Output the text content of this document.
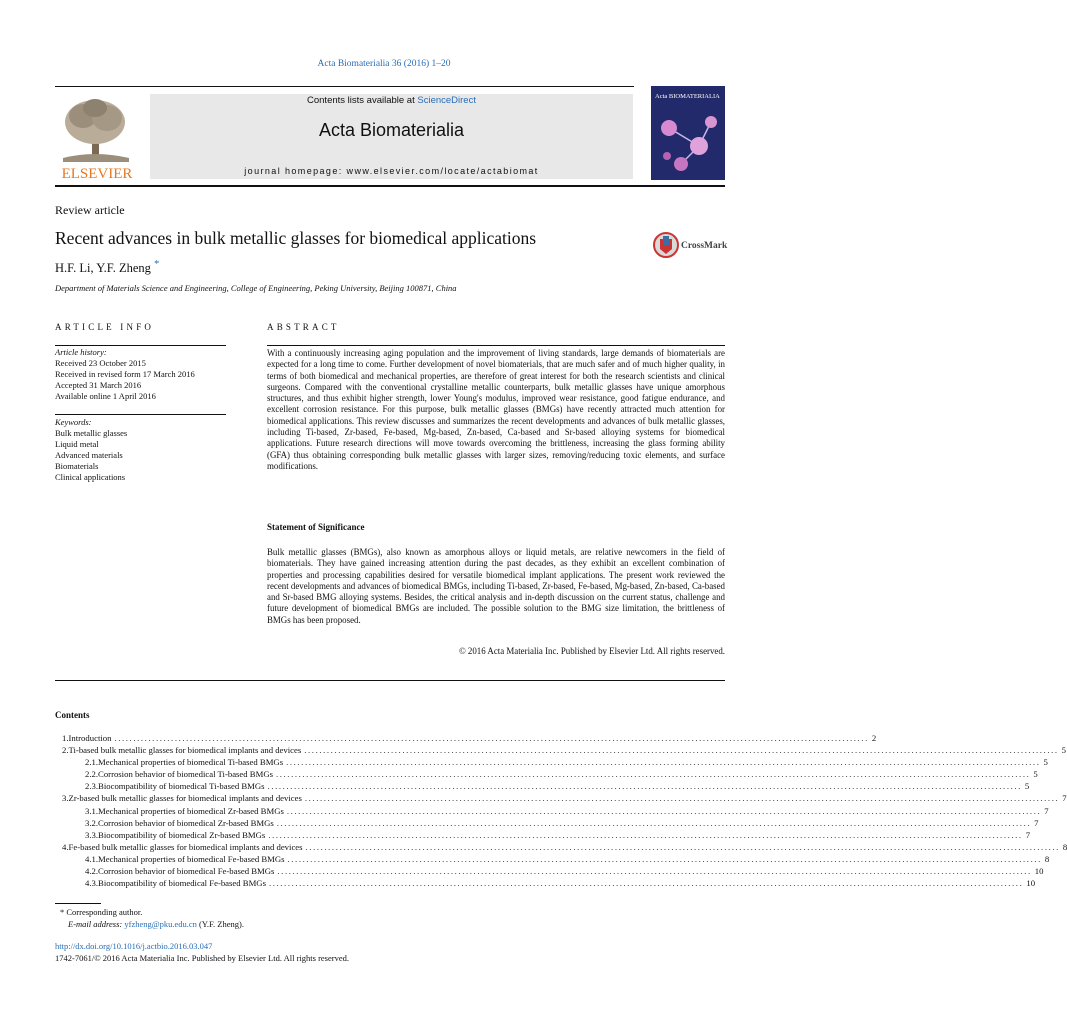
Acta Biomaterialia 36 (2016) 1–20
ELSEVIER
Contents lists available at ScienceDirect
Acta Biomaterialia
journal homepage: www.elsevier.com/locate/actabiomat
Acta BIOMATERIALIA
Review article
Recent advances in bulk metallic glasses for biomedical applications	CrossMark
H.F. Li, Y.F. Zheng *
Department of Materials Science and Engineering, College of Engineering, Peking University, Beijing 100871, China
ARTICLE INFO
Article history:
Received 23 October 2015
Received in revised form 17 March 2016
Accepted 31 March 2016
Available online 1 April 2016
Keywords:
Bulk metallic glasses
Liquid metal
Advanced materials
Biomaterials
Clinical applications
ABSTRACT
With a continuously increasing aging population and the improvement of living standards, large demands of biomaterials are expected for a long time to come. Further development of novel biomaterials, that are much safer and of much higher quality, in terms of both biomedical and mechanical properties, are therefore of great interest for both the research scientists and clinical surgeons. Compared with the conventional crystalline metallic counterparts, bulk metallic glasses have unique amorphous structures, and thus exhibit higher strength, lower Young's modulus, improved wear resistance, good fatigue endurance, and excellent corrosion resistance. For this purpose, bulk metallic glasses (BMGs) have recently attracted much attention for biomedical applications. This review discusses and summarizes the recent developments and advances of bulk metallic glasses, including Ti-based, Zr-based, Fe-based, Mg-based, Zn-based, Ca-based and Sr-based alloying systems for biomedical applications. Future research directions will move towards overcoming the brittleness, increasing the glass forming ability (GFA) thus obtaining corresponding bulk metallic glasses with larger sizes, removing/reducing toxic elements, and surface modifications.
Statement of Significance
Bulk metallic glasses (BMGs), also known as amorphous alloys or liquid metals, are relative newcomers in the field of biomaterials. They have gained increasing attention during the past decades, as they exhibit an excellent combination of properties and processing capabilities desired for versatile biomedical implant applications. The present work reviewed the recent developments and advances of biomedical BMGs, including Ti-based, Zr-based, Fe-based, Mg-based, Zn-based, Ca-based and Sr-based BMG alloying systems. Besides, the critical analysis and in-depth discussion on the current status, challenge and future development of biomedical BMGs are included. The possible solution to the BMG size limitation, the brittleness of BMGs has been proposed.
© 2016 Acta Materialia Inc. Published by Elsevier Ltd. All rights reserved.
Contents
1. Introduction ........................................................................................................................................................................................................ 2
2. Ti-based bulk metallic glasses for biomedical implants and devices ........................................................................................................................................................................................................ 5
2.1. Mechanical properties of biomedical Ti-based BMGs ........................................................................................................................................................................................................ 5
2.2. Corrosion behavior of biomedical Ti-based BMGs ........................................................................................................................................................................................................ 5
2.3. Biocompatibility of biomedical Ti-based BMGs ........................................................................................................................................................................................................ 5
3. Zr-based bulk metallic glasses for biomedical implants and devices ........................................................................................................................................................................................................ 7
3.1. Mechanical properties of biomedical Zr-based BMGs ........................................................................................................................................................................................................ 7
3.2. Corrosion behavior of biomedical Zr-based BMGs ........................................................................................................................................................................................................ 7
3.3. Biocompatibility of biomedical Zr-based BMGs ........................................................................................................................................................................................................ 7
4. Fe-based bulk metallic glasses for biomedical implants and devices ........................................................................................................................................................................................................ 8
4.1. Mechanical properties of biomedical Fe-based BMGs ........................................................................................................................................................................................................ 8
4.2. Corrosion behavior of biomedical Fe-based BMGs ........................................................................................................................................................................................................ 10
4.3. Biocompatibility of biomedical Fe-based BMGs ........................................................................................................................................................................................................ 10
* Corresponding author.
E-mail address: yfzheng@pku.edu.cn (Y.F. Zheng).
http://dx.doi.org/10.1016/j.actbio.2016.03.047
1742-7061/© 2016 Acta Materialia Inc. Published by Elsevier Ltd. All rights reserved.
